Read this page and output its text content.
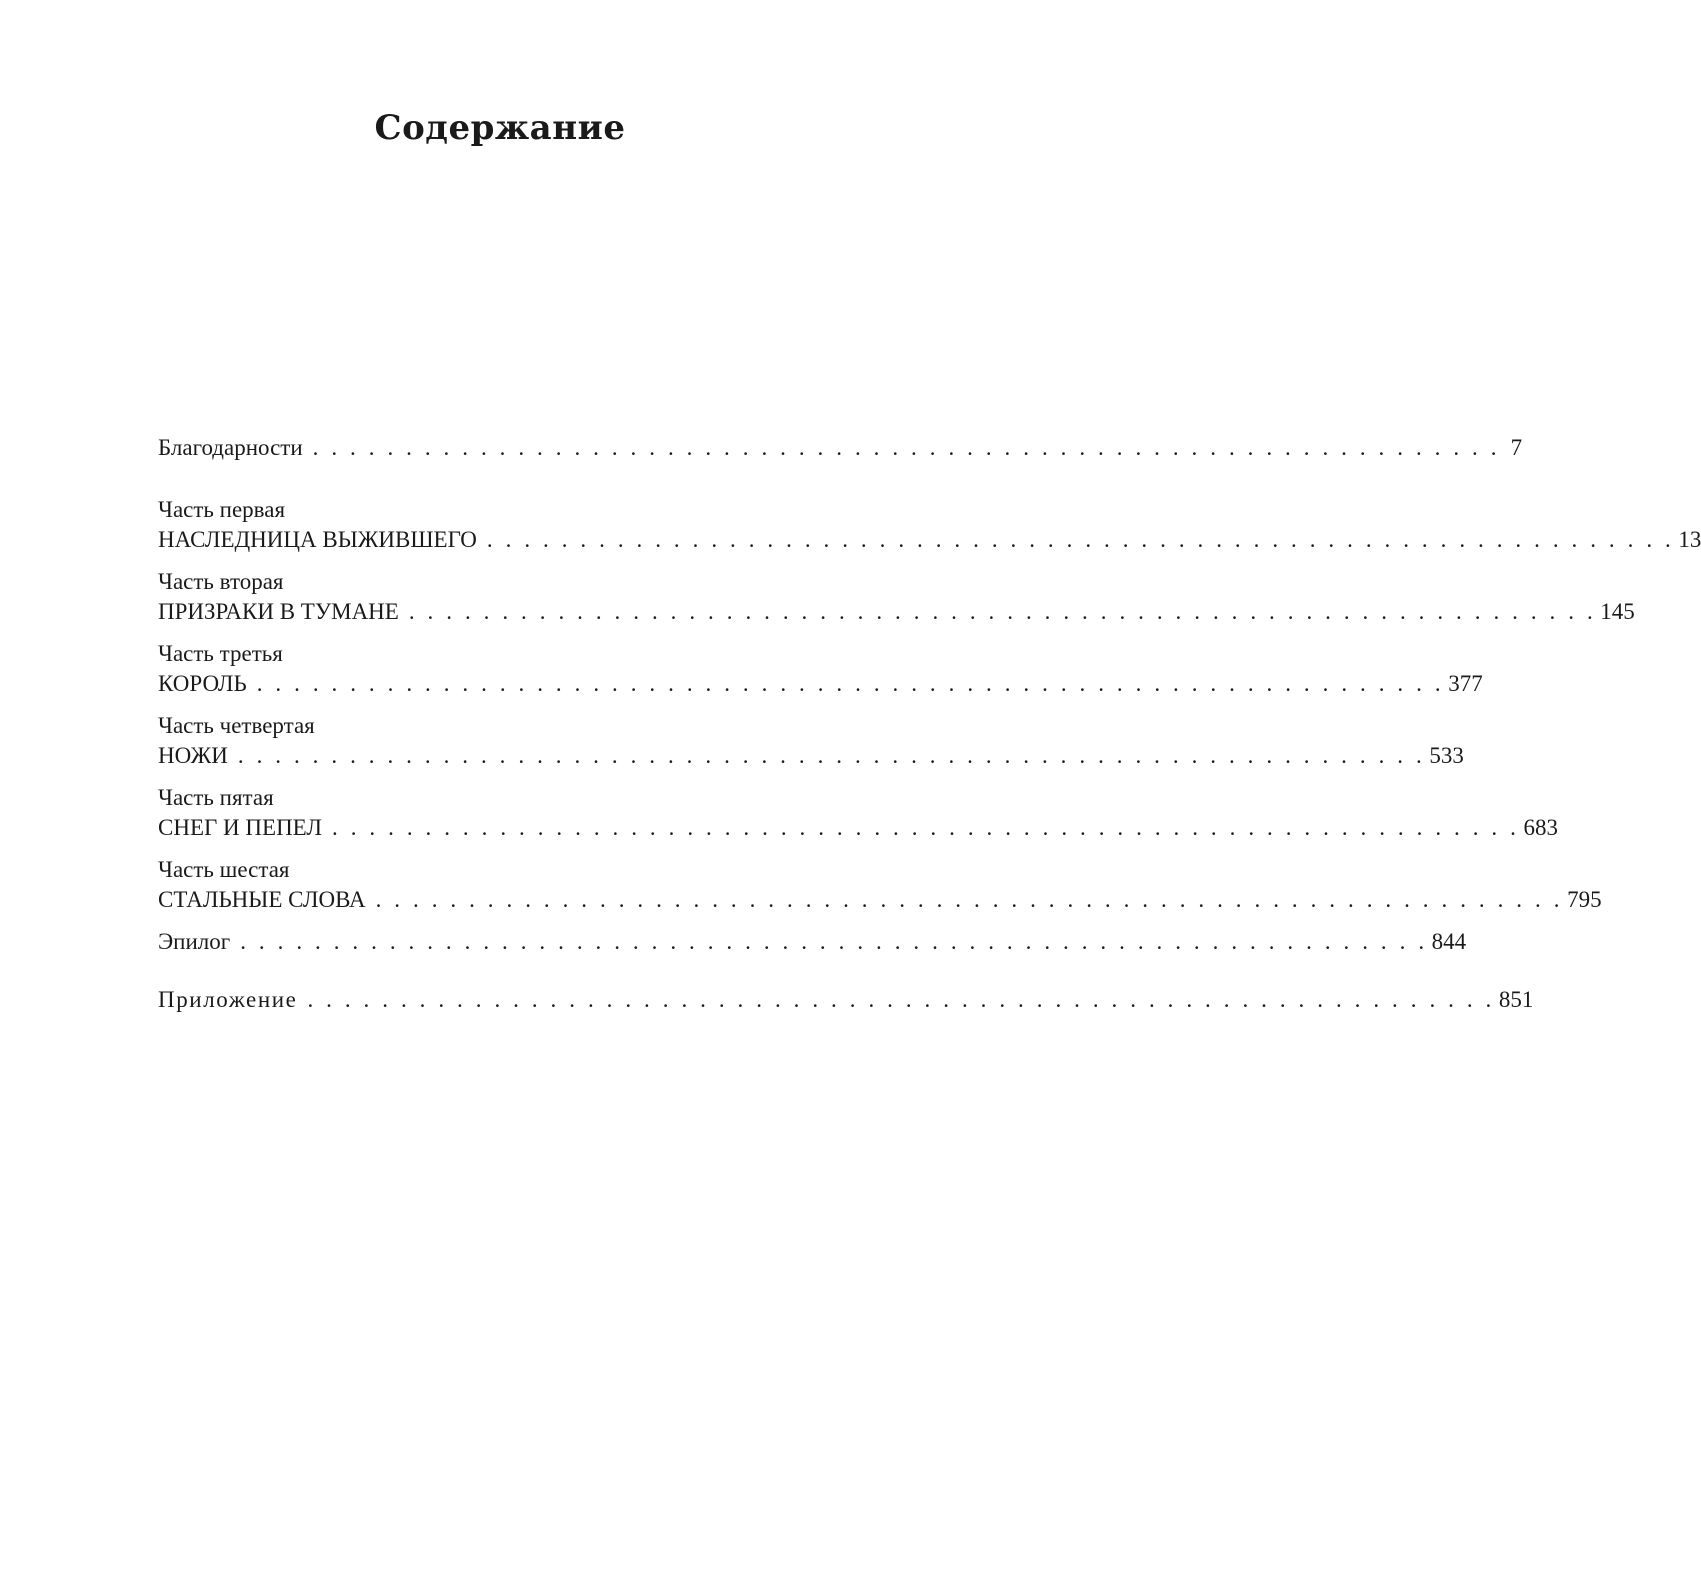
Содержание
Благодарности . . . . . . . . . . . . . . . . . . . . . . . . . . . . . . . . . . . . . . . . . . . . . . . . . . . . . . . . . . . . . . . . 7
Часть первая
НАСЛЕДНИЦА ВЫЖИВШЕГО . . . . . . . . . . . . . . . . . . . . . . . . . . . . . . . . . . . . . . . . . . . . . . . . . . . . . . . . . . . . . . . . 13
Часть вторая
ПРИЗРАКИ В ТУМАНЕ . . . . . . . . . . . . . . . . . . . . . . . . . . . . . . . . . . . . . . . . . . . . . . . . . . . . . . . . . . . . . . . . 145
Часть третья
КОРОЛЬ . . . . . . . . . . . . . . . . . . . . . . . . . . . . . . . . . . . . . . . . . . . . . . . . . . . . . . . . . . . . . . . . 377
Часть четвертая
НОЖИ . . . . . . . . . . . . . . . . . . . . . . . . . . . . . . . . . . . . . . . . . . . . . . . . . . . . . . . . . . . . . . . . 533
Часть пятая
СНЕГ И ПЕПЕЛ . . . . . . . . . . . . . . . . . . . . . . . . . . . . . . . . . . . . . . . . . . . . . . . . . . . . . . . . . . . . . . . . 683
Часть шестая
СТАЛЬНЫЕ СЛОВА . . . . . . . . . . . . . . . . . . . . . . . . . . . . . . . . . . . . . . . . . . . . . . . . . . . . . . . . . . . . . . . . 795
Эпилог . . . . . . . . . . . . . . . . . . . . . . . . . . . . . . . . . . . . . . . . . . . . . . . . . . . . . . . . . . . . . . . . 844
Приложение . . . . . . . . . . . . . . . . . . . . . . . . . . . . . . . . . . . . . . . . . . . . . . . . . . . . . . . . . . . . . . . . 851
